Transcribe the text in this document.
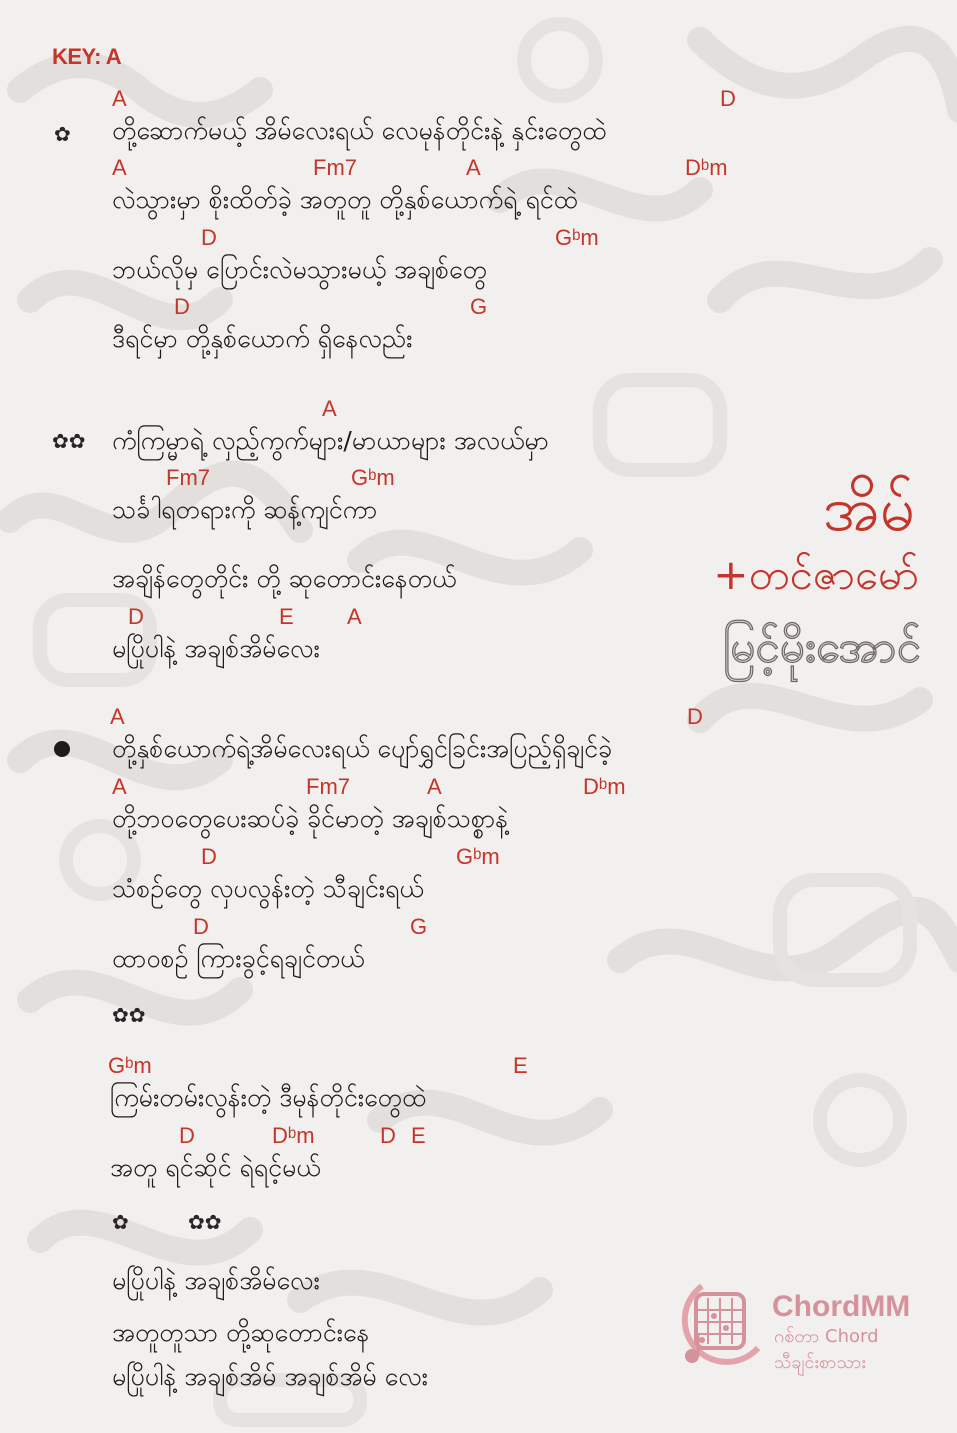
KEY: A
✿
A	D
တို့ဆောက်မယ့် အိမ်လေးရယ် လေမုန်တိုင်းနဲ့ နှင်းတွေထဲ
A	Fm7	A	Dᵇm
လဲသွားမှာ စိုးထိတ်ခဲ့ အတူတူ တို့နှစ်ယောက်ရဲ့ ရင်ထဲ
D	Gᵇm
ဘယ်လိုမှ ပြောင်းလဲမသွားမယ့် အချစ်တွေ
D	G
ဒီရင်မှာ တို့နှစ်ယောက် ရှိနေလည်း
✿✿
A
ကံကြမ္မာရဲ့ လှည့်ကွက်များ/မာယာများ အလယ်မှာ
Fm7	Gᵇm
သင်္ခါရတရားကို ဆန့်ကျင်ကာ
အချိန်တွေတိုင်း တို့ ဆုတောင်းနေတယ်
D	E A
မပြိုပါနဲ့ အချစ်အိမ်လေး
အိမ်
+တင်ဇာမော်
မြင့်မိုးအောင်
A	D
တို့နှစ်ယောက်ရဲ့အိမ်လေးရယ် ပျော်ရွှင်ခြင်းအပြည့်ရှိချင်ခဲ့
A	Fm7	A	Dᵇm
တို့ဘဝတွေပေးဆပ်ခဲ့ ခိုင်မာတဲ့ အချစ်သစ္စာနဲ့
D	Gᵇm
သံစဉ်တွေ လှပလွန်းတဲ့ သီချင်းရယ်
D	G
ထာဝစဉ် ကြားခွင့်ရချင်တယ်
✿✿
Gᵇm	E
ကြမ်းတမ်းလွန်းတဲ့ ဒီမုန်တိုင်းတွေထဲ
D	Dᵇm	D E
အတူ ရင်ဆိုင် ရဲရင့်မယ်
✿	✿✿
မပြိုပါနဲ့ အချစ်အိမ်လေး
အတူတူသာ တို့ဆုတောင်းနေ
မပြိုပါနဲ့ အချစ်အိမ် အချစ်အိမ် လေး
ChordMM
ဂစ်တာ Chord
သီချင်းစာသား
